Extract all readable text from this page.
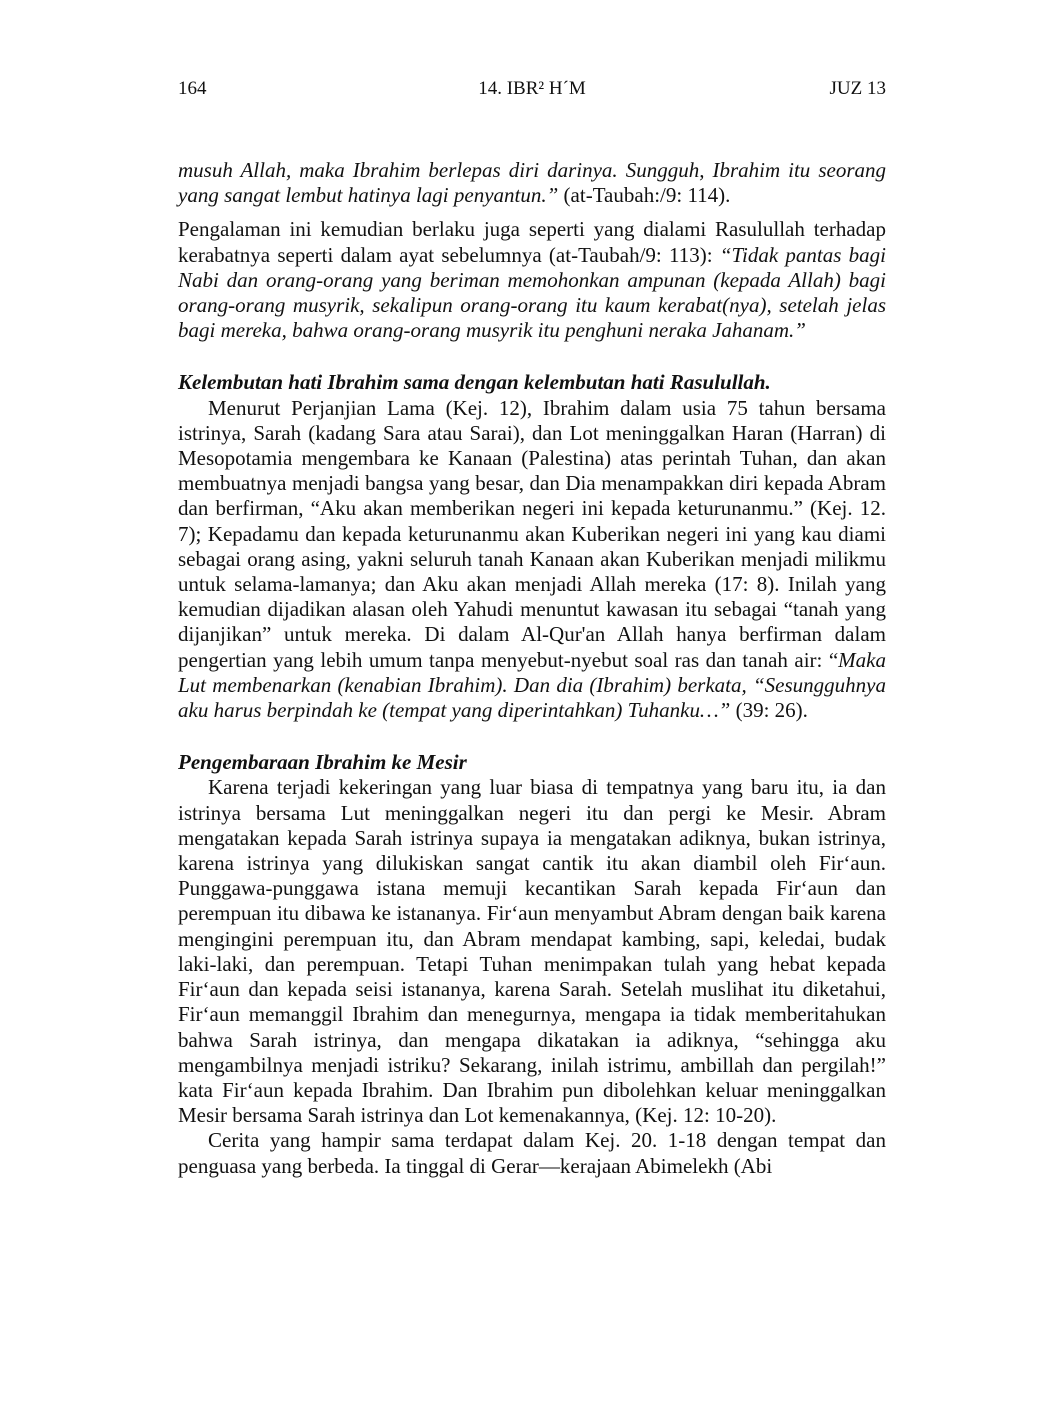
164	14. IBR² H´M	JUZ 13

musuh Allah, maka Ibrahim berlepas diri darinya. Sungguh, Ibrahim itu seorang yang sangat lembut hatinya lagi penyantun.” (at-Taubah:/9: 114).

Pengalaman ini kemudian berlaku juga seperti yang dialami Rasulullah terhadap kerabatnya seperti dalam ayat sebelumnya (at-Taubah/9: 113): “Tidak pantas bagi Nabi dan orang-orang yang beriman memohonkan ampunan (kepada Allah) bagi orang-orang musyrik, sekalipun orang-orang itu kaum kerabat(nya), setelah jelas bagi mereka, bahwa orang-orang musyrik itu penghuni neraka Jahanam.”

Kelembutan hati Ibrahim sama dengan kelembutan hati Rasulullah.

Menurut Perjanjian Lama (Kej. 12), Ibrahim dalam usia 75 tahun bersama istrinya, Sarah (kadang Sara atau Sarai), dan Lot meninggalkan Haran (Harran) di Mesopotamia mengembara ke Kanaan (Palestina) atas perintah Tuhan, dan akan membuatnya menjadi bangsa yang besar, dan Dia menampakkan diri kepada Abram dan berfirman, “Aku akan memberikan negeri ini kepada keturunanmu.” (Kej. 12. 7); Kepadamu dan kepada keturunanmu akan Kuberikan negeri ini yang kau diami sebagai orang asing, yakni seluruh tanah Kanaan akan Kuberikan menjadi milikmu untuk selama-lamanya; dan Aku akan menjadi Allah mereka (17: 8). Inilah yang kemudian dijadikan alasan oleh Yahudi menuntut kawasan itu sebagai “tanah yang dijanjikan” untuk mereka. Di dalam Al-Qur'an Allah hanya berfirman dalam pengertian yang lebih umum tanpa menyebut-nyebut soal ras dan tanah air: “Maka Lut membenarkan (kenabian Ibrahim). Dan dia (Ibrahim) berkata, “Sesungguhnya aku harus berpindah ke (tempat yang diperintahkan) Tuhanku…” (39: 26).

Pengembaraan Ibrahim ke Mesir

Karena terjadi kekeringan yang luar biasa di tempatnya yang baru itu, ia dan istrinya bersama Lut meninggalkan negeri itu dan pergi ke Mesir. Abram mengatakan kepada Sarah istrinya supaya ia mengatakan adiknya, bukan istrinya, karena istrinya yang dilukiskan sangat cantik itu akan diambil oleh Fir‘aun. Punggawa-punggawa istana memuji kecantikan Sarah kepada Fir‘aun dan perempuan itu dibawa ke istananya. Fir‘aun menyambut Abram dengan baik karena mengingini perempuan itu, dan Abram mendapat kambing, sapi, keledai, budak laki-laki, dan perempuan. Tetapi Tuhan menimpakan tulah yang hebat kepada Fir‘aun dan kepada seisi istananya, karena Sarah. Setelah muslihat itu diketahui, Fir‘aun memanggil Ibrahim dan menegurnya, mengapa ia tidak memberitahukan bahwa Sarah istrinya, dan mengapa dikatakan ia adiknya, “sehingga aku mengambilnya menjadi istriku? Sekarang, inilah istrimu, ambillah dan pergilah!” kata Fir‘aun kepada Ibrahim. Dan Ibrahim pun dibolehkan keluar meninggalkan Mesir bersama Sarah istrinya dan Lot kemenakannya, (Kej. 12: 10-20).

Cerita yang hampir sama terdapat dalam Kej. 20. 1-18 dengan tempat dan penguasa yang berbeda. Ia tinggal di Gerar—kerajaan Abimelekh (Abi
